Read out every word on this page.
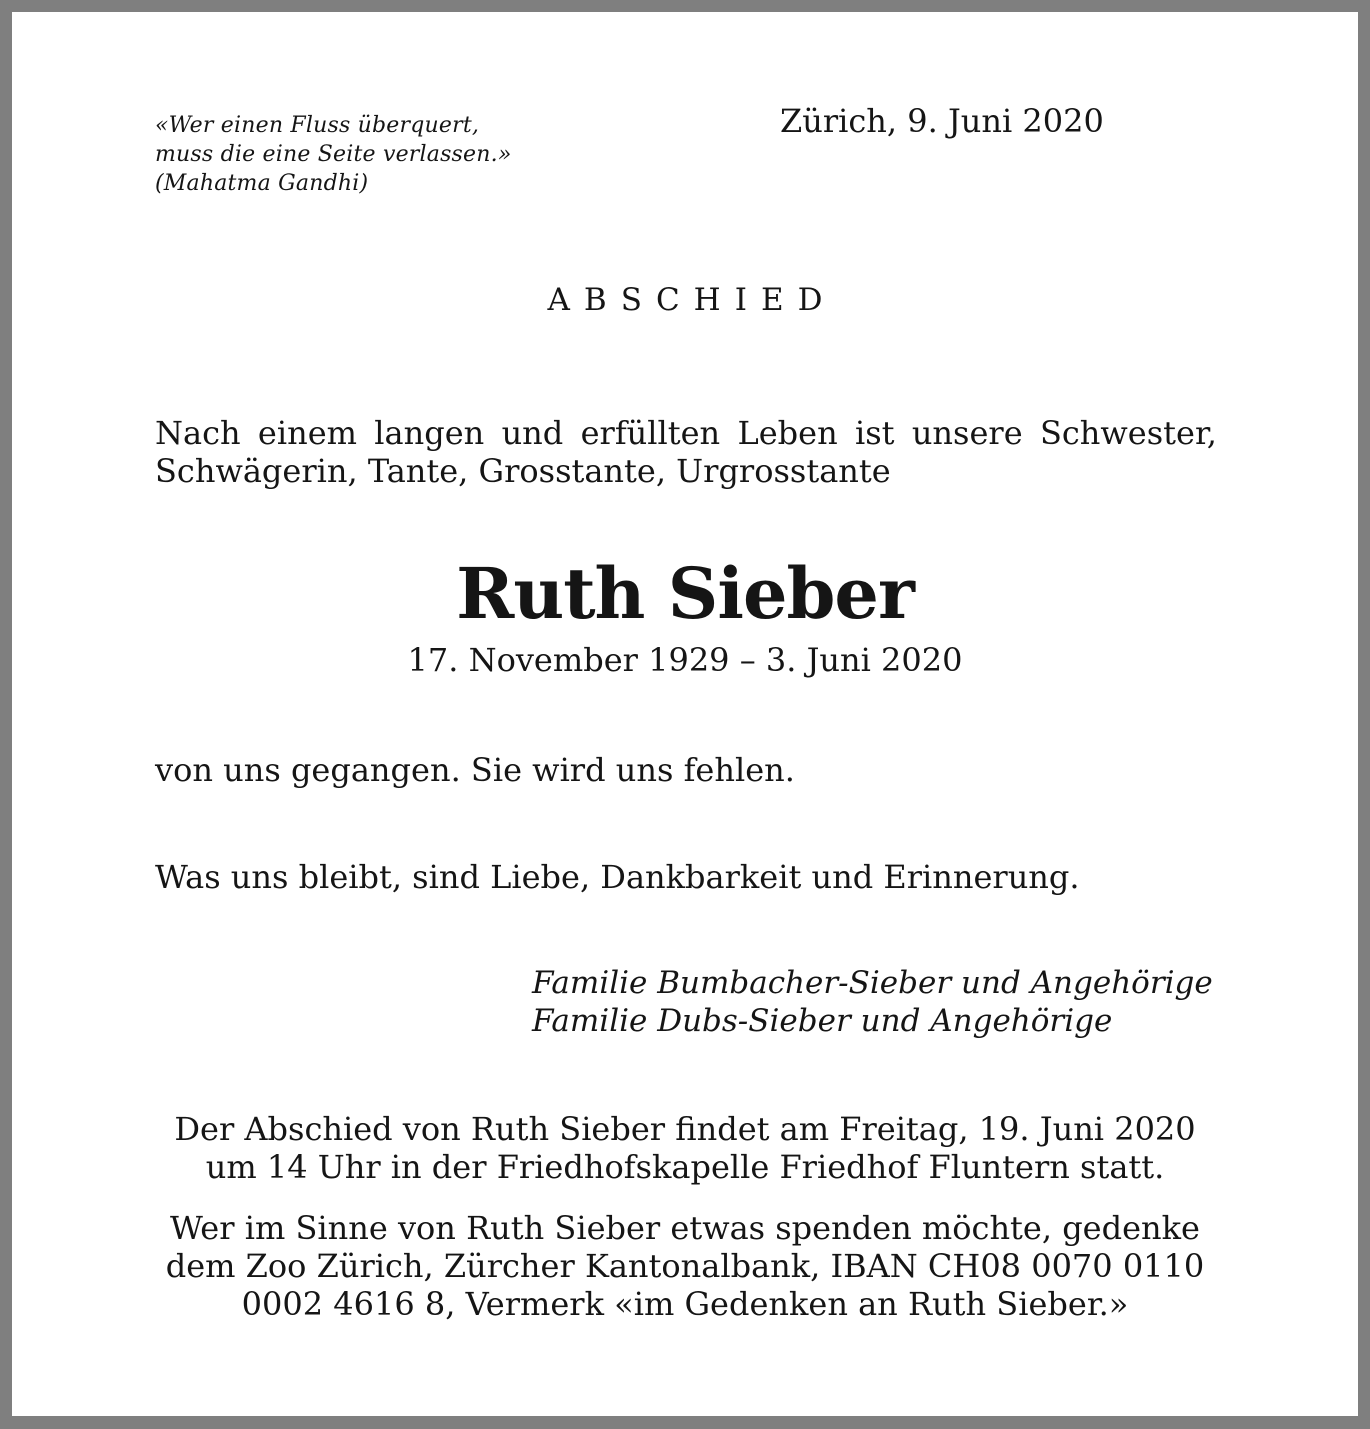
«Wer einen Fluss überquert,
muss die eine Seite verlassen.»
(Mahatma Gandhi)
Zürich, 9. Juni 2020
ABSCHIED
Nach einem langen und erfüllten Leben ist unsere Schwester,
Schwägerin, Tante, Grosstante, Urgrosstante
Ruth Sieber
17. November 1929 – 3. Juni 2020
von uns gegangen. Sie wird uns fehlen.
Was uns bleibt, sind Liebe, Dankbarkeit und Erinnerung.
Familie Bumbacher-Sieber und Angehörige
Familie Dubs-Sieber und Angehörige
Der Abschied von Ruth Sieber findet am Freitag, 19. Juni 2020
um 14 Uhr in der Friedhofskapelle Friedhof Fluntern statt.
Wer im Sinne von Ruth Sieber etwas spenden möchte, gedenke
dem Zoo Zürich, Zürcher Kantonalbank, IBAN CH08 0070 0110
0002 4616 8, Vermerk «im Gedenken an Ruth Sieber.»
